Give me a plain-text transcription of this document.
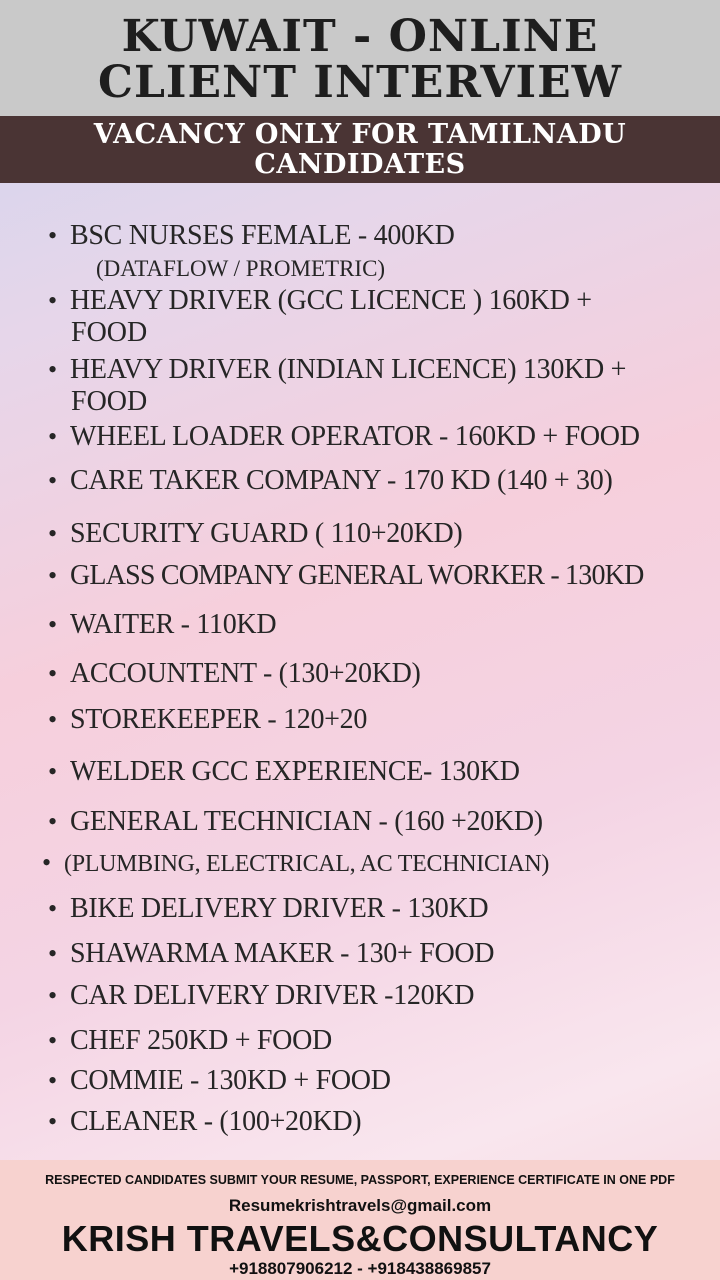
KUWAIT - ONLINE
CLIENT INTERVIEW
VACANCY ONLY FOR TAMILNADU
CANDIDATES
• BSC NURSES FEMALE - 400KD
(DATAFLOW / PROMETRIC)
• HEAVY DRIVER (GCC LICENCE ) 160KD +
FOOD
• HEAVY DRIVER (INDIAN LICENCE) 130KD +
FOOD
• WHEEL LOADER OPERATOR - 160KD + FOOD
• CARE TAKER COMPANY - 170 KD (140 + 30)
• SECURITY GUARD ( 110+20KD)
• GLASS COMPANY GENERAL WORKER - 130KD
• WAITER - 110KD
• ACCOUNTENT - (130+20KD)
• STOREKEEPER - 120+20
• WELDER GCC EXPERIENCE- 130KD
• GENERAL TECHNICIAN - (160 +20KD)
• (PLUMBING, ELECTRICAL, AC TECHNICIAN)
• BIKE DELIVERY DRIVER - 130KD
• SHAWARMA MAKER - 130+ FOOD
• CAR DELIVERY DRIVER -120KD
• CHEF 250KD + FOOD
• COMMIE - 130KD + FOOD
• CLEANER - (100+20KD)
RESPECTED CANDIDATES SUBMIT YOUR RESUME, PASSPORT, EXPERIENCE CERTIFICATE IN ONE PDF
Resumekrishtravels@gmail.com
KRISH TRAVELS&CONSULTANCY
+918807906212 - +918438869857
